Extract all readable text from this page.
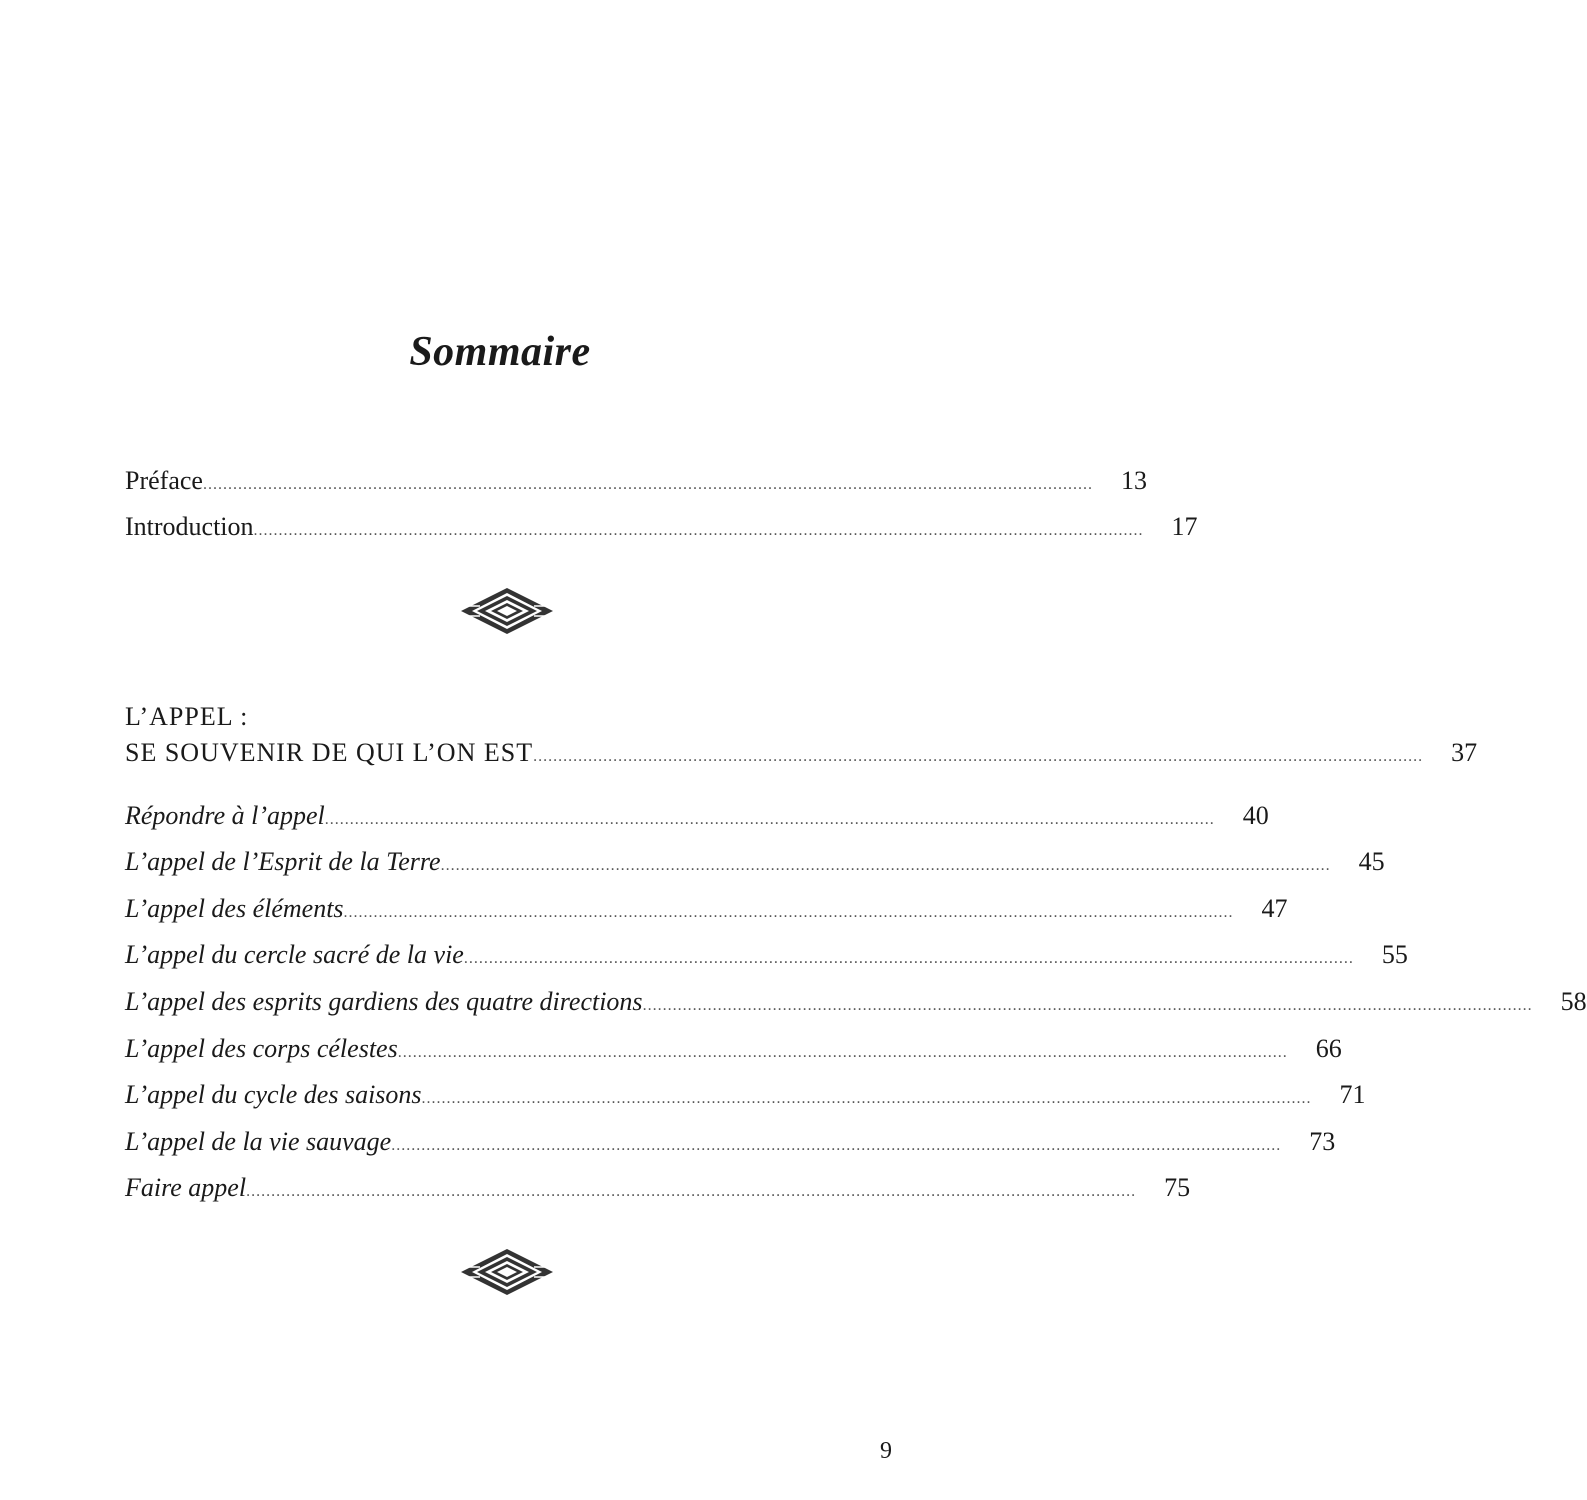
Sommaire
Préface .................................................................................................................................................................................. 13
Introduction .................................................................................................................................................................................. 17
L’APPEL :
SE SOUVENIR DE QUI L’ON EST .................................................................................................................................................................................. 37
Répondre à l’appel .................................................................................................................................................................................. 40
L’appel de l’Esprit de la Terre .................................................................................................................................................................................. 45
L’appel des éléments .................................................................................................................................................................................. 47
L’appel du cercle sacré de la vie .................................................................................................................................................................................. 55
L’appel des esprits gardiens des quatre directions .................................................................................................................................................................................. 58
L’appel des corps célestes .................................................................................................................................................................................. 66
L’appel du cycle des saisons .................................................................................................................................................................................. 71
L’appel de la vie sauvage .................................................................................................................................................................................. 73
Faire appel .................................................................................................................................................................................. 75
9
